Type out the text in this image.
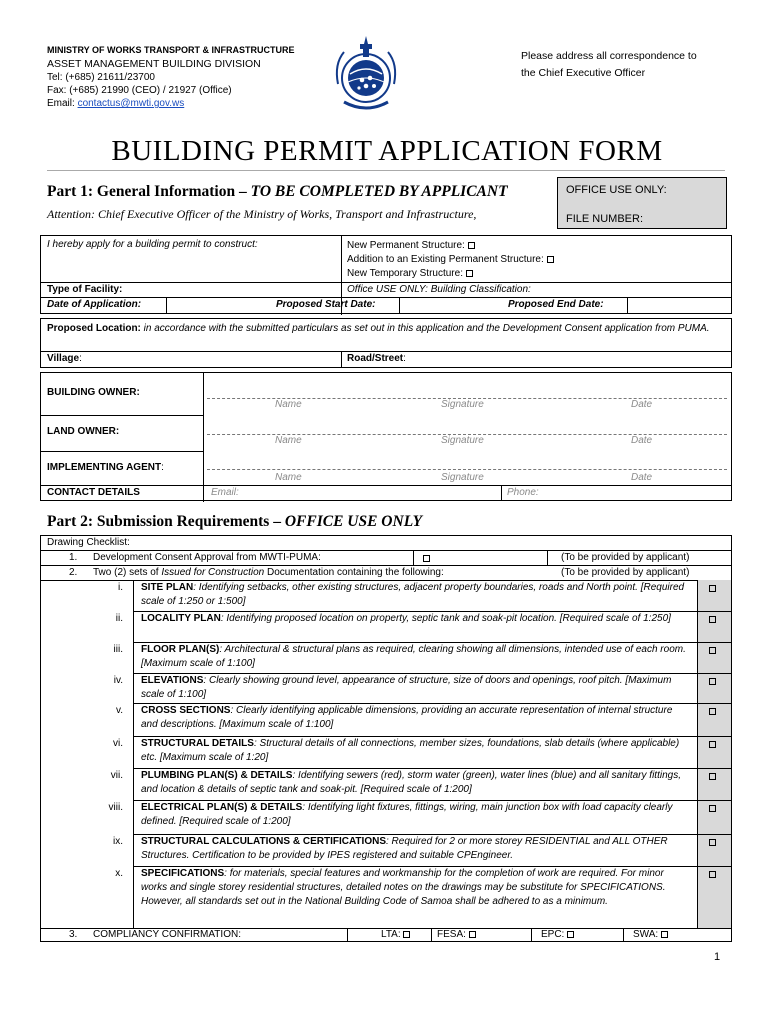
MINISTRY OF WORKS TRANSPORT & INFRASTRUCTURE
ASSET MANAGEMENT BUILDING DIVISION
Tel: (+685) 21611/23700
Fax: (+685) 21990 (CEO) / 21927 (Office)
Email: contactus@mwti.gov.ws
Please address all correspondence to
the Chief Executive Officer
BUILDING PERMIT APPLICATION FORM
Part 1: General Information – TO BE COMPLETED BY APPLICANT
Attention: Chief Executive Officer of the Ministry of Works, Transport and Infrastructure,
OFFICE USE ONLY:
FILE NUMBER:
I hereby apply for a building permit to construct:	New Permanent Structure:
Addition to an Existing Permanent Structure:
New Temporary Structure:
Type of Facility:	Office USE ONLY: Building Classification:
Date of Application:	Proposed Start Date:	Proposed End Date:
Proposed Location: in accordance with the submitted particulars as set out in this application and the Development Consent application from PUMA.
Village:	Road/Street:
BUILDING OWNER:
Name	Signature	Date
LAND OWNER:
Name	Signature	Date
IMPLEMENTING AGENT:
Name	Signature	Date
CONTACT DETAILS	Email:	Phone:
Part 2: Submission Requirements – OFFICE USE ONLY
Drawing Checklist:
1. Development Consent Approval from MWTI-PUMA:	(To be provided by applicant)
2. Two (2) sets of Issued for Construction Documentation containing the following:	(To be provided by applicant)
i. SITE PLAN: Identifying setbacks, other existing structures, adjacent property boundaries, roads and North point. [Required scale of 1:250 or 1:500]
ii. LOCALITY PLAN: Identifying proposed location on property, septic tank and soak-pit location. [Required scale of 1:250]
iii. FLOOR PLAN(S): Architectural & structural plans as required, clearing showing all dimensions, intended use of each room.[Maximum scale of 1:100]
iv. ELEVATIONS: Clearly showing ground level, appearance of structure, size of doors and openings, roof pitch. [Maximum scale of 1:100]
v. CROSS SECTIONS: Clearly identifying applicable dimensions, providing an accurate representation of internal structure and descriptions. [Maximum scale of 1:100]
vi. STRUCTURAL DETAILS: Structural details of all connections, member sizes, foundations, slab details (where applicable) etc. [Maximum scale of 1:20]
vii. PLUMBING PLAN(S) & DETAILS: Identifying sewers (red), storm water (green), water lines (blue) and all sanitary fittings, and location & details of septic tank and soak-pit. [Required scale of 1:200]
viii. ELECTRICAL PLAN(S) & DETAILS: Identifying light fixtures, fittings, wiring, main junction box with load capacity clearly defined. [Required scale of 1:200]
ix. STRUCTURAL CALCULATIONS & CERTIFICATIONS: Required for 2 or more storey RESIDENTIAL and ALL OTHER Structures. Certification to be provided by IPES registered and suitable CPEngineer.
x. SPECIFICATIONS: for materials, special features and workmanship for the completion of work are required. For minor works and single storey residential structures, detailed notes on the drawings may be substitute for SPECIFICATIONS. However, all standards set out in the National Building Code of Samoa shall be adhered to as a minimum.
3. COMPLIANCY CONFIRMATION:	LTA:	FESA:	EPC:	SWA:
1
